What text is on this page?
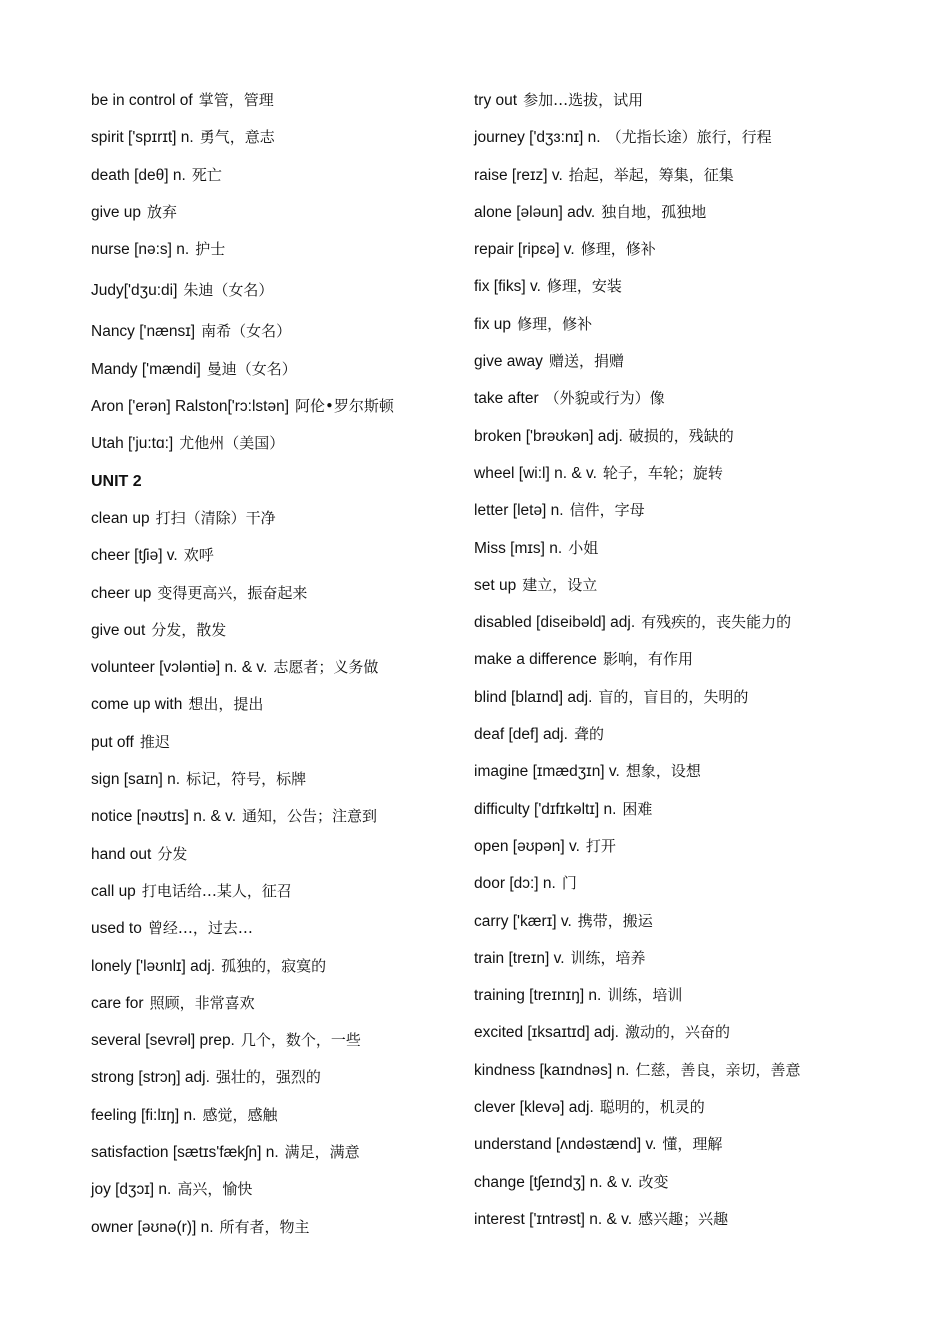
be in control of 掌管，管理
spirit ['spɪrɪt] n. 勇气，意志
death [deθ] n. 死亡
give up 放弃
nurse [nə:s] n. 护士
Judy['dʒu:di] 朱迪（女名）
Nancy ['nænsɪ] 南希（女名）
Mandy ['mændi] 曼迪（女名）
Aron ['erən] Ralston['rɔ:lstən] 阿伦•罗尔斯顿
Utah ['ju:tɑ:] 尤他州（美国）
UNIT 2
clean up 打扫（清除）干净
cheer [tʃiə] v. 欢呼
cheer up 变得更高兴，振奋起来
give out 分发，散发
volunteer [vɔləntiə] n. & v. 志愿者；义务做
come up with 想出，提出
put off 推迟
sign [saɪn] n. 标记，符号，标牌
notice [nəʊtɪs] n. & v. 通知，公告；注意到
hand out 分发
call up 打电话给…某人，征召
used to 曾经…，过去…
lonely ['ləʊnlɪ] adj. 孤独的，寂寞的
care for 照顾，非常喜欢
several [sevrəl] prep. 几个，数个，一些
strong [strɔŋ] adj. 强壮的，强烈的
feeling [fi:lɪŋ] n. 感觉，感触
satisfaction [sætɪs'fækʃn] n. 满足，满意
joy [dʒɔɪ] n. 高兴，愉快
owner [əʊnə(r)] n. 所有者，物主
try out 参加…选拔，试用
journey ['dʒɜ:nɪ] n. （尤指长途）旅行，行程
raise [reɪz] v. 抬起，举起，筹集，征集
alone [ələun] adv. 独自地，孤独地
repair [ripɛə] v. 修理，修补
fix [fiks] v. 修理，安装
fix up 修理，修补
give away 赠送，捐赠
take after （外貌或行为）像
broken ['brəʊkən] adj. 破损的，残缺的
wheel [wi:l] n. & v. 轮子，车轮；旋转
letter [letə] n. 信件，字母
Miss [mɪs] n. 小姐
set up 建立，设立
disabled [diseibəld] adj. 有残疾的，丧失能力的
make a difference 影响，有作用
blind [blaɪnd] adj. 盲的，盲目的，失明的
deaf [def] adj. 聋的
imagine [ɪmædʒɪn] v. 想象，设想
difficulty ['dɪfɪkəltɪ] n. 困难
open [əʊpən] v. 打开
door [dɔ:] n. 门
carry ['kærɪ] v. 携带，搬运
train [treɪn] v. 训练，培养
training [treɪnɪŋ] n. 训练，培训
excited [ɪksaɪtɪd] adj. 激动的，兴奋的
kindness [kaɪndnəs] n. 仁慈，善良，亲切，善意
clever [klevə] adj. 聪明的，机灵的
understand [ʌndəstænd] v. 懂，理解
change [tʃeɪndʒ] n. & v. 改变
interest ['ɪntrəst] n. & v. 感兴趣；兴趣
